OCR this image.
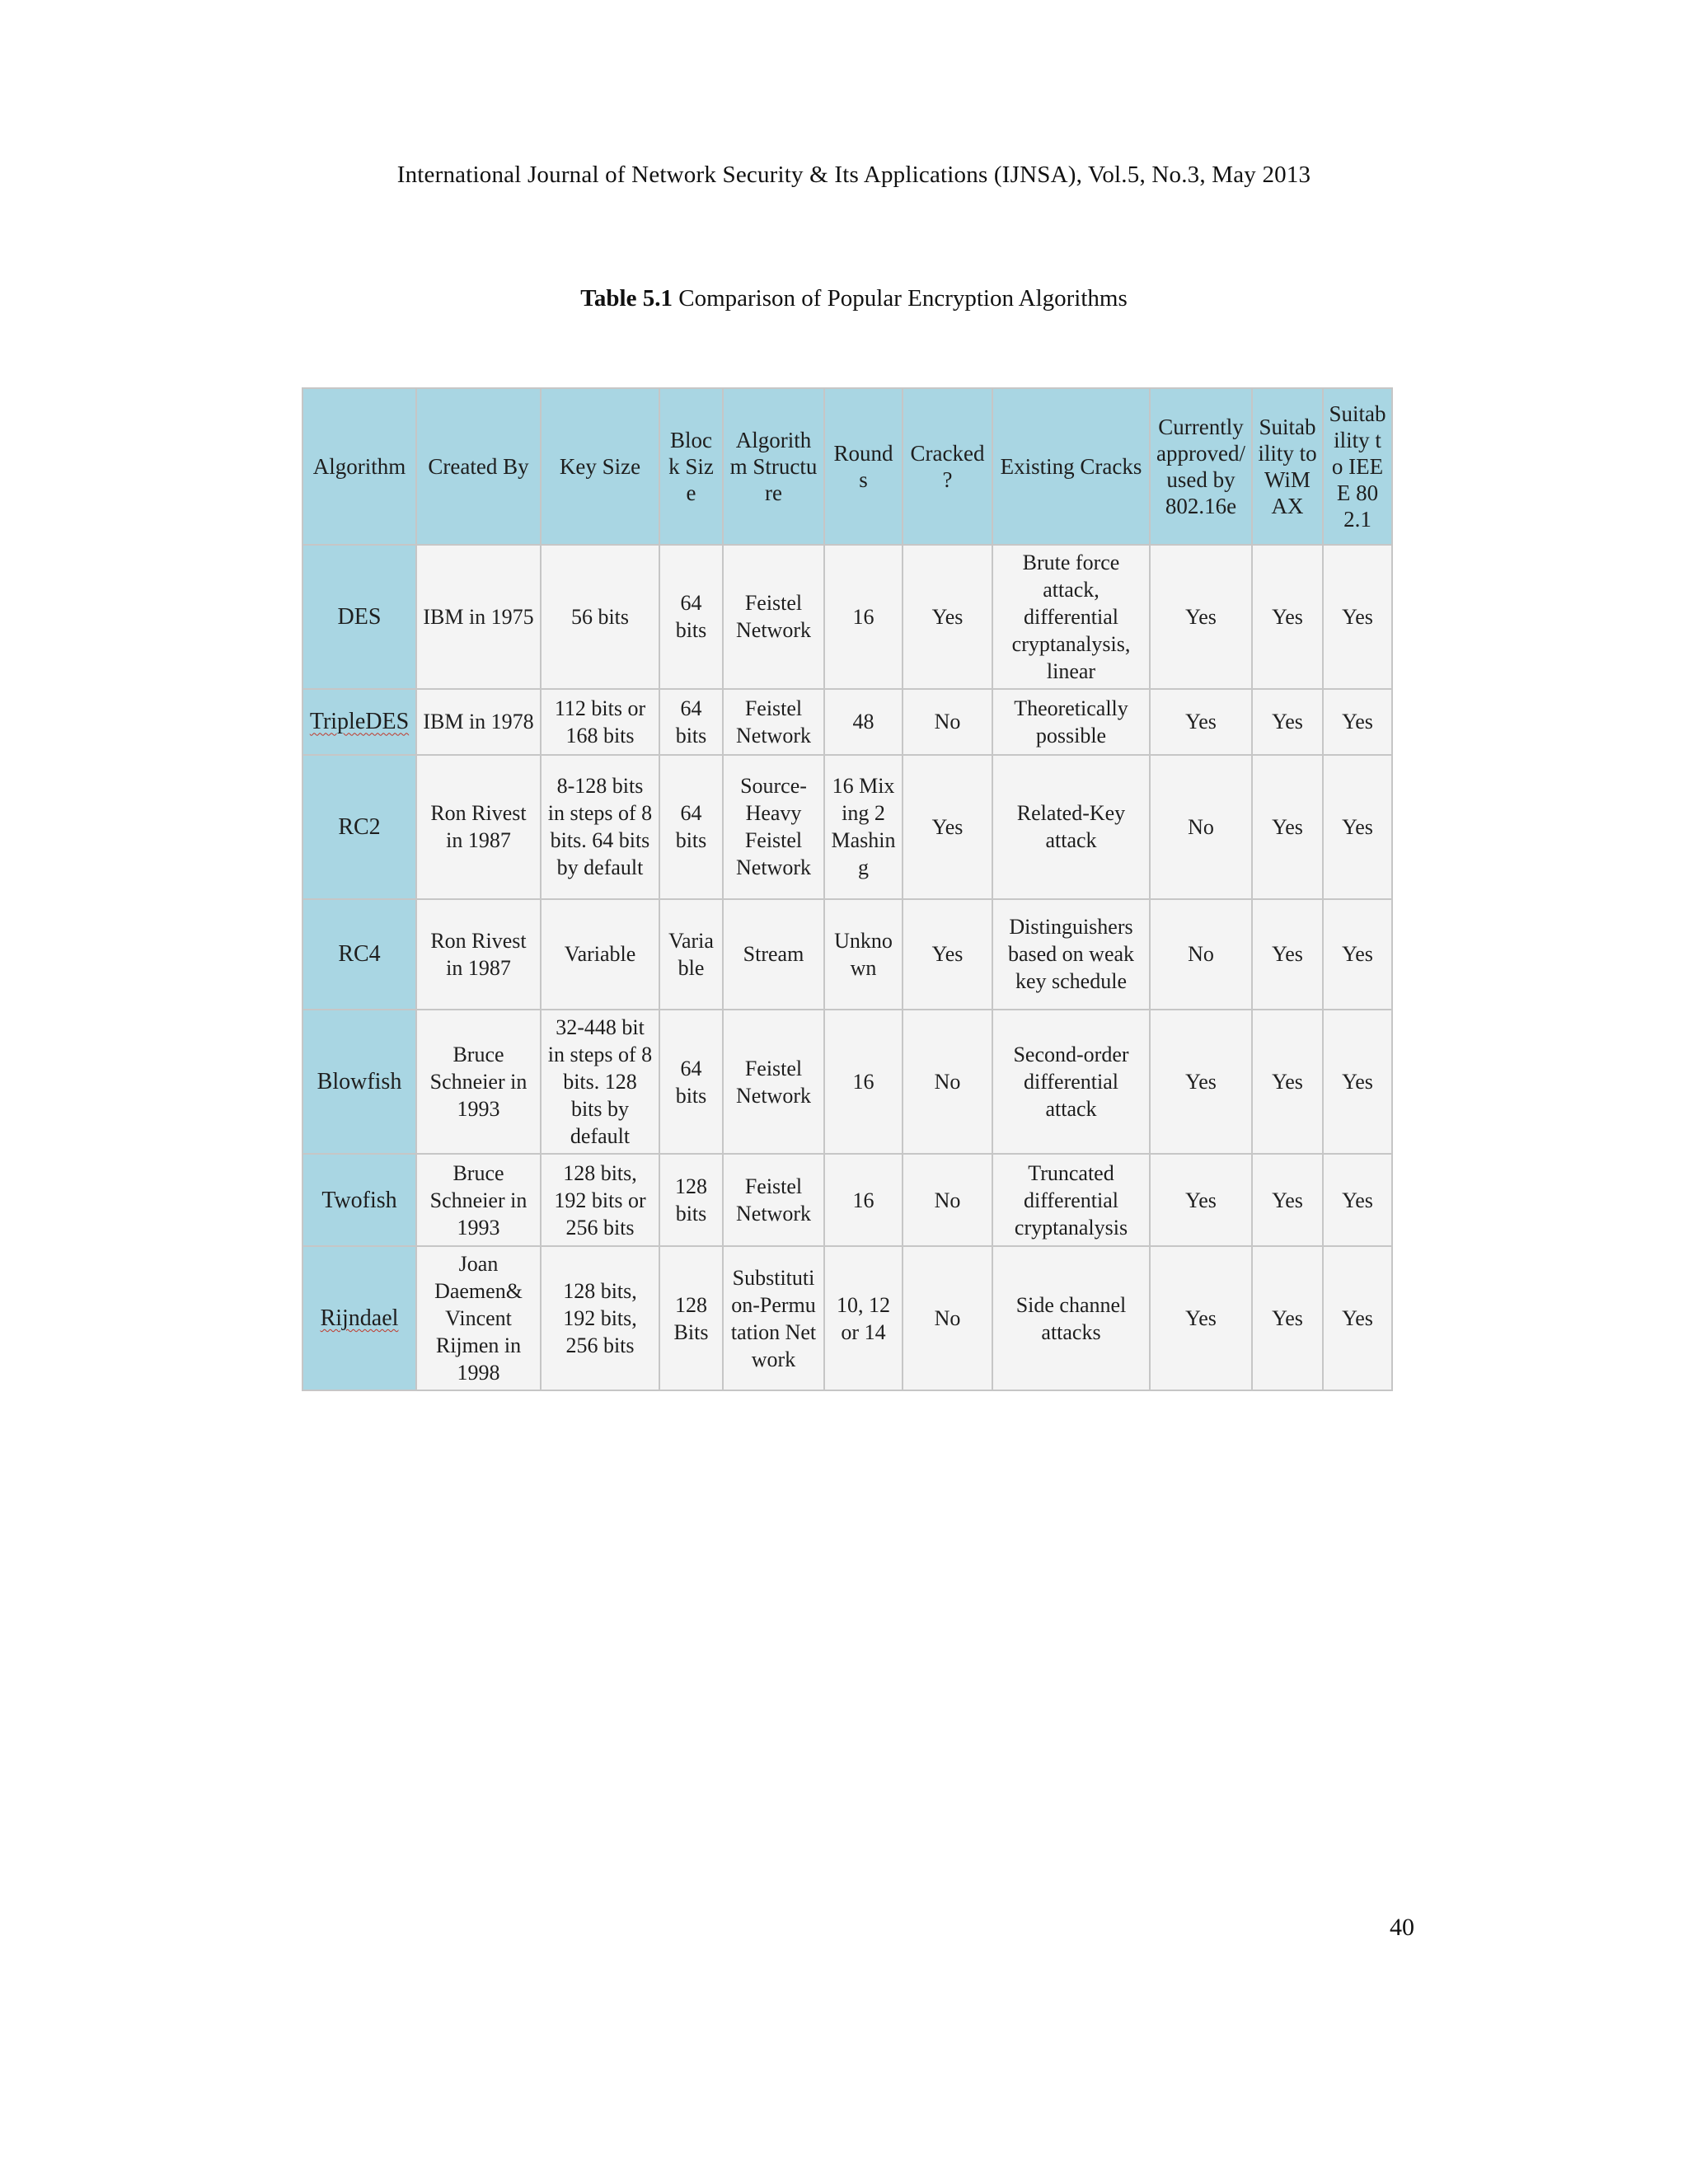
International Journal of Network Security & Its Applications (IJNSA), Vol.5, No.3, May 2013
Table 5.1 Comparison of Popular Encryption Algorithms
Algorithm	Created By	Key Size	Block Size	Algorithm Structure	Rounds	Cracked ?	Existing Cracks	Currently approved/ used by 802.16e	Suitability to WiM AX	Suitability to IEEE 802.1
DES	IBM in 1975	56 bits	64 bits	Feistel Network	16	Yes	Brute force attack, differential cryptanalysis, linear	Yes	Yes	Yes
TripleDES	IBM in 1978	112 bits or 168 bits	64 bits	Feistel Network	48	No	Theoretically possible	Yes	Yes	Yes
RC2	Ron Rivest in 1987	8-128 bits in steps of 8 bits. 64 bits by default	64 bits	Source-Heavy Feistel Network	16 Mixing 2 Mashing	Yes	Related-Key attack	No	Yes	Yes
RC4	Ron Rivest in 1987	Variable	Variable	Stream	Unknown	Yes	Distinguishers based on weak key schedule	No	Yes	Yes
Blowfish	Bruce Schneier in 1993	32-448 bit in steps of 8 bits. 128 bits by default	64 bits	Feistel Network	16	No	Second-order differential attack	Yes	Yes	Yes
Twofish	Bruce Schneier in 1993	128 bits, 192 bits or 256 bits	128 bits	Feistel Network	16	No	Truncated differential cryptanalysis	Yes	Yes	Yes
Rijndael	Joan Daemen& Vincent Rijmen in 1998	128 bits, 192 bits, 256 bits	128 Bits	Substitution-Permutation Network	10, 12 or 14	No	Side channel attacks	Yes	Yes	Yes
40
